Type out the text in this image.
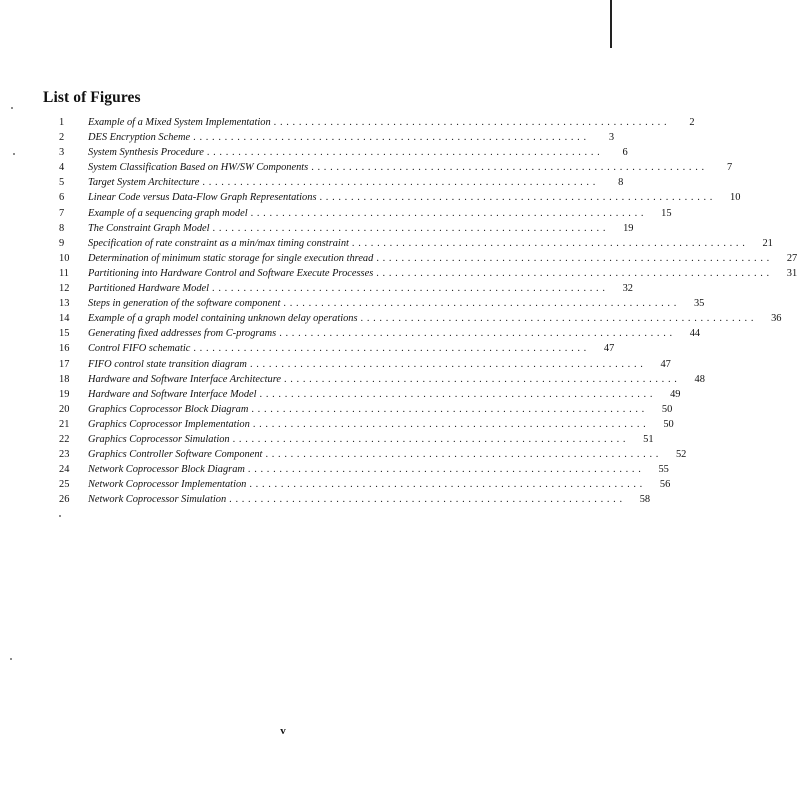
List of Figures
1	Example of a Mixed System Implementation . . .	2
2	DES Encryption Scheme . . .	3
3	System Synthesis Procedure . . .	6
4	System Classification Based on HW/SW Components . . .	7
5	Target System Architecture . . .	8
6	Linear Code versus Data-Flow Graph Representations . . .	10
7	Example of a sequencing graph model . . .	15
8	The Constraint Graph Model . . .	19
9	Specification of rate constraint as a min/max timing constraint . . .	21
10	Determination of minimum static storage for single execution thread . . .	27
11	Partitioning into Hardware Control and Software Execute Processes . . .	31
12	Partitioned Hardware Model . . .	32
13	Steps in generation of the software component . . .	35
14	Example of a graph model containing unknown delay operations . . .	36
15	Generating fixed addresses from C-programs . . .	44
16	Control FIFO schematic . . .	47
17	FIFO control state transition diagram . . .	47
18	Hardware and Software Interface Architecture . . .	48
19	Hardware and Software Interface Model . . .	49
20	Graphics Coprocessor Block Diagram . . .	50
21	Graphics Coprocessor Implementation . . .	50
22	Graphics Coprocessor Simulation . . .	51
23	Graphics Controller Software Component . . .	52
24	Network Coprocessor Block Diagram . . .	55
25	Network Coprocessor Implementation . . .	56
26	Network Coprocessor Simulation . . .	58
v
